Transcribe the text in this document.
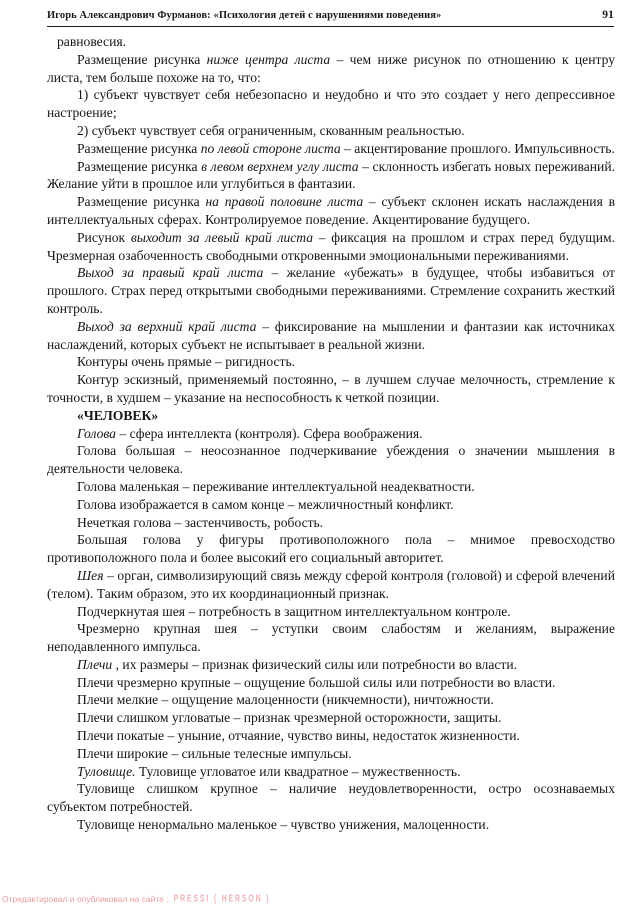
Игорь Александрович Фурманов: «Психология детей с нарушениями поведения»	91

равновесия.

Размещение рисунка ниже центра листа – чем ниже рисунок по отношению к центру листа, тем больше похоже на то, что:

1) субъект чувствует себя небезопасно и неудобно и что это создает у него депрессивное настроение;

2) субъект чувствует себя ограниченным, скованным реальностью.

Размещение рисунка по левой стороне листа – акцентирование прошлого. Импульсивность.

Размещение рисунка в левом верхнем углу листа – склонность избегать новых переживаний. Желание уйти в прошлое или углубиться в фантазии.

Размещение рисунка на правой половине листа – субъект склонен искать наслаждения в интеллектуальных сферах. Контролируемое поведение. Акцентирование будущего.

Рисунок выходит за левый край листа – фиксация на прошлом и страх перед будущим. Чрезмерная озабоченность свободными откровенными эмоциональными переживаниями.

Выход за правый край листа – желание «убежать» в будущее, чтобы избавиться от прошлого. Страх перед открытыми свободными переживаниями. Стремление сохранить жесткий контроль.

Выход за верхний край листа – фиксирование на мышлении и фантазии как источниках наслаждений, которых субъект не испытывает в реальной жизни.

Контуры очень прямые – ригидность.

Контур эскизный, применяемый постоянно, – в лучшем случае мелочность, стремление к точности, в худшем – указание на неспособность к четкой позиции.

«ЧЕЛОВЕК»

Голова – сфера интеллекта (контроля). Сфера воображения.

Голова большая – неосознанное подчеркивание убеждения о значении мышления в деятельности человека.

Голова маленькая – переживание интеллектуальной неадекватности.

Голова изображается в самом конце – межличностный конфликт.

Нечеткая голова – застенчивость, робость.

Большая голова у фигуры противоположного пола – мнимое превосходство противоположного пола и более высокий его социальный авторитет.

Шея – орган, символизирующий связь между сферой контроля (головой) и сферой влечений (телом). Таким образом, это их координационный признак.

Подчеркнутая шея – потребность в защитном интеллектуальном контроле.

Чрезмерно крупная шея – уступки своим слабостям и желаниям, выражение неподавленного импульса.

Плечи , их размеры – признак физический силы или потребности во власти.

Плечи чрезмерно крупные – ощущение большой силы или потребности во власти.

Плечи мелкие – ощущение малоценности (никчемности), ничтожности.

Плечи слишком угловатые – признак чрезмерной осторожности, защиты.

Плечи покатые – уныние, отчаяние, чувство вины, недостаток жизненности.

Плечи широкие – сильные телесные импульсы.

Туловище. Туловище угловатое или квадратное – мужественность.

Туловище слишком крупное – наличие неудовлетворенности, остро осознаваемых субъектом потребностей.

Туловище ненормально маленькое – чувство унижения, малоценности.

Отредактировал и опубликовал на сайте : PRESSI ( HERSON )
